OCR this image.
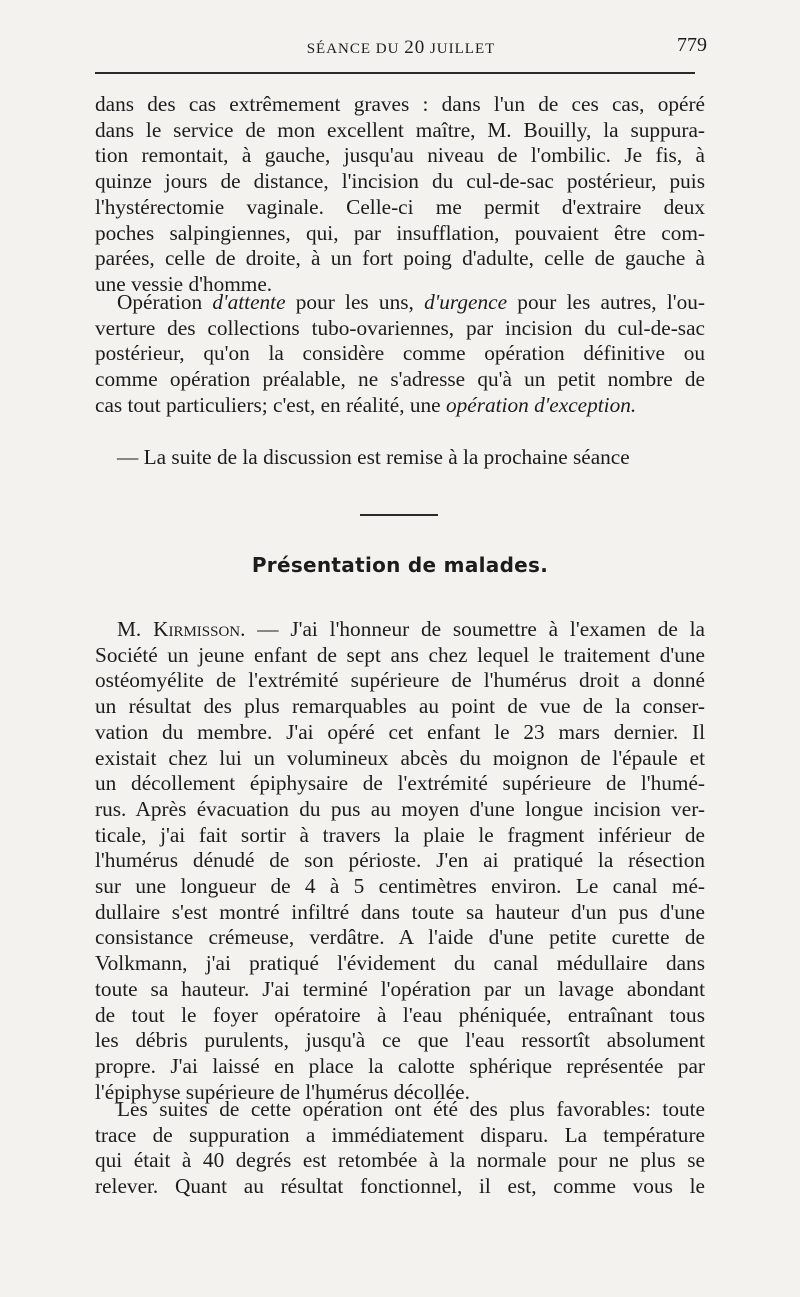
SÉANCE DU 20 JUILLET	779
dans des cas extrêmement graves : dans l'un de ces cas, opéré
dans le service de mon excellent maître, M. Bouilly, la suppura-
tion remontait, à gauche, jusqu'au niveau de l'ombilic. Je fis, à
quinze jours de distance, l'incision du cul-de-sac postérieur, puis
l'hystérectomie vaginale. Celle-ci me permit d'extraire deux
poches salpingiennes, qui, par insufflation, pouvaient être com-
parées, celle de droite, à un fort poing d'adulte, celle de gauche à
une vessie d'homme.
Opération d'attente pour les uns, d'urgence pour les autres, l'ou-
verture des collections tubo-ovariennes, par incision du cul-de-sac
postérieur, qu'on la considère comme opération définitive ou
comme opération préalable, ne s'adresse qu'à un petit nombre de
cas tout particuliers; c'est, en réalité, une opération d'exception.
— La suite de la discussion est remise à la prochaine séance
Présentation de malades.
M. Kirmisson. — J'ai l'honneur de soumettre à l'examen de la
Société un jeune enfant de sept ans chez lequel le traitement d'une
ostéomyélite de l'extrémité supérieure de l'humérus droit a donné
un résultat des plus remarquables au point de vue de la conser-
vation du membre. J'ai opéré cet enfant le 23 mars dernier. Il
existait chez lui un volumineux abcès du moignon de l'épaule et
un décollement épiphysaire de l'extrémité supérieure de l'humé-
rus. Après évacuation du pus au moyen d'une longue incision ver-
ticale, j'ai fait sortir à travers la plaie le fragment inférieur de
l'humérus dénudé de son périoste. J'en ai pratiqué la résection
sur une longueur de 4 à 5 centimètres environ. Le canal mé-
dullaire s'est montré infiltré dans toute sa hauteur d'un pus d'une
consistance crémeuse, verdâtre. A l'aide d'une petite curette de
Volkmann, j'ai pratiqué l'évidement du canal médullaire dans
toute sa hauteur. J'ai terminé l'opération par un lavage abondant
de tout le foyer opératoire à l'eau phéniquée, entraînant tous
les débris purulents, jusqu'à ce que l'eau ressortît absolument
propre. J'ai laissé en place la calotte sphérique représentée par
l'épiphyse supérieure de l'humérus décollée.
Les suites de cette opération ont été des plus favorables: toute
trace de suppuration a immédiatement disparu. La température
qui était à 40 degrés est retombée à la normale pour ne plus se
relever. Quant au résultat fonctionnel, il est, comme vous le
